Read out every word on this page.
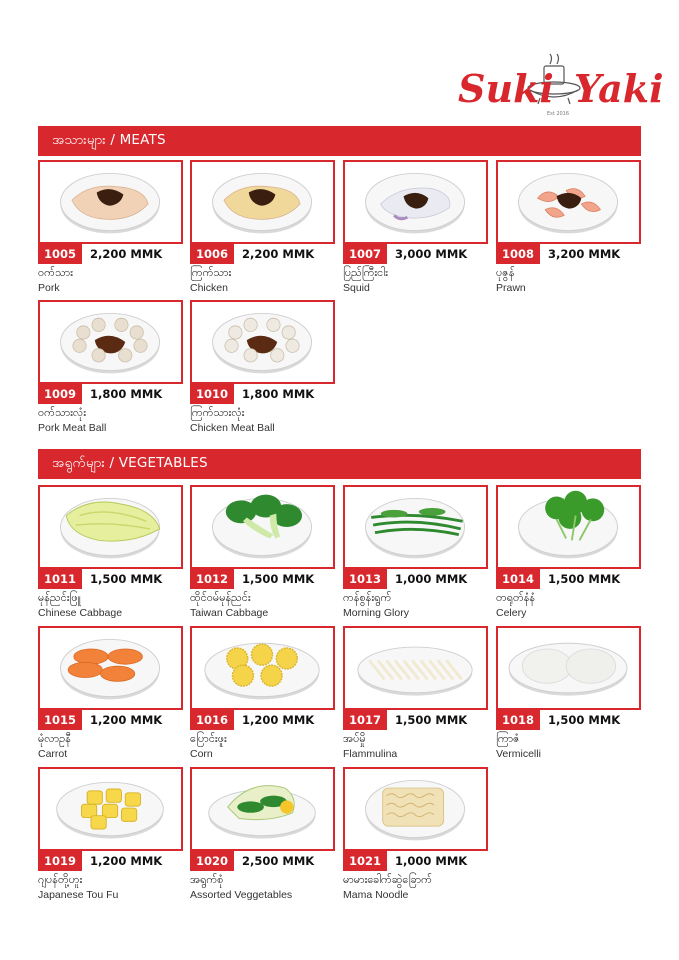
Suki Yaki
Est 2016
အသားများ / MEATS
အရွက်များ / VEGETABLES
1005	2,200 MMK
ဝက်သား
Pork
1006	2,200 MMK
ကြက်သား
Chicken
1007	3,000 MMK
ပြည်ကြီးငါး
Squid
1008	3,200 MMK
ပုဇွန်
Prawn
1009	1,800 MMK
ဝက်သားလုံး
Pork Meat Ball
1010	1,800 MMK
ကြက်သားလုံး
Chicken Meat Ball
1011	1,500 MMK
မုန်ညင်းဖြူ
Chinese Cabbage
1012	1,500 MMK
ထိုင်ဝမ်မုန်ညင်း
Taiwan Cabbage
1013	1,000 MMK
ကန်စွန်းရွက်
Morning Glory
1014	1,500 MMK
တရုတ်နံနံ
Celery
1015	1,200 MMK
မုံလာဥနီ
Carrot
1016	1,200 MMK
ပြောင်းဖူး
Corn
1017	1,500 MMK
အပ်မှို
Flammulina
1018	1,500 MMK
ကြာဇံ
Vermicelli
1019	1,200 MMK
ဂျပန်တို့ဟူး
Japanese Tou Fu
1020	2,500 MMK
အရွက်စုံ
Assorted Veggetables
1021	1,000 MMK
မာမားခေါက်ဆွဲခြောက်
Mama Noodle
